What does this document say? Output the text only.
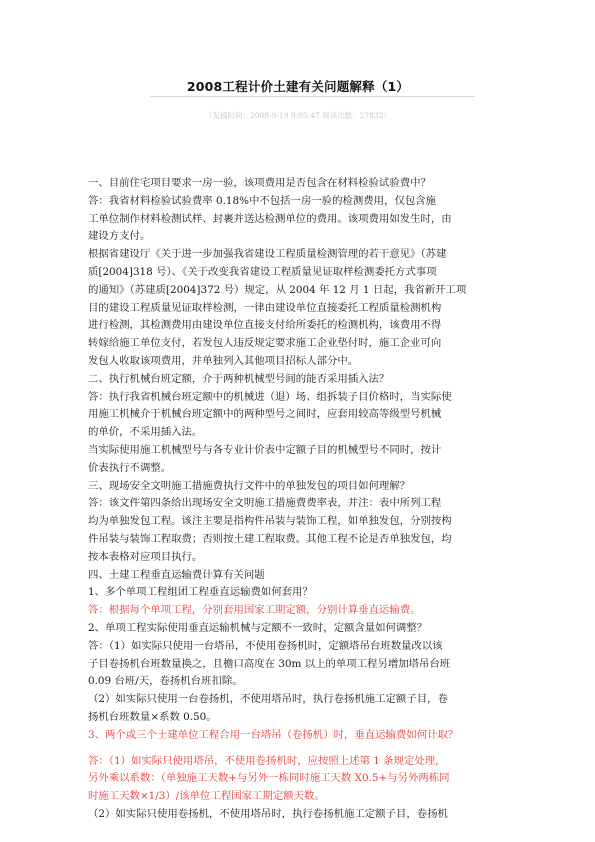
2008工程计价土建有关问题解释（1）
（发稿时间：2008-9-19 9:05:47 阅读次数：27832）

一、目前住宅项目要求一房一验，该项费用是否包含在材料检验试验费中？

答：我省材料检验试验费率 0.18%中不包括一房一验的检测费用，仅包含施

工单位制作材料检测试样、封裹并送达检测单位的费用。该项费用如发生时，由

建设方支付。

根据省建设厅《关于进一步加强我省建设工程质量检测管理的若干意见》（苏建

质[2004]318 号）、《关于改变我省建设工程质量见证取样检测委托方式事项

的通知》（苏建质[2004]372 号）规定，从 2004 年 12 月 1 日起，我省新开工项

目的建设工程质量见证取样检测，一律由建设单位直接委托工程质量检测机构

进行检测，其检测费用由建设单位直接支付给所委托的检测机构，该费用不得

转嫁给施工单位支付，若发包人违反规定要求施工企业垫付时，施工企业可向

发包人收取该项费用，并单独列入其他项目招标人部分中。

二、执行机械台班定额，介于两种机械型号间的能否采用插入法？

答：执行我省机械台班定额中的机械进（退）场、组拆装子目价格时，当实际使

用施工机械介于机械台班定额中的两种型号之间时，应套用较高等级型号机械

的单价，不采用插入法。

当实际使用施工机械型号与各专业计价表中定额子目的机械型号不同时，按计

价表执行不调整。

三、现场安全文明施工措施费执行文件中的单独发包的项目如何理解？

答：该文件第四条给出现场安全文明施工措施费费率表，并注：表中所列工程

均为单独发包工程。该注主要是指构件吊装与装饰工程，如单独发包，分别按构

件吊装与装饰工程取费；否则按土建工程取费。其他工程不论是否单独发包，均

按本表格对应项目执行。

四、土建工程垂直运输费计算有关问题

1、多个单项工程组团工程垂直运输费如何套用？

答：根据每个单项工程，分别套用国家工期定额，分别计算垂直运输费。

2、单项工程实际使用垂直运输机械与定额不一致时，定额含量如何调整？

答：（1）如实际只使用一台塔吊，不使用卷扬机时，定额塔吊台班数量改以该

子目卷扬机台班数量换之，且檐口高度在 30m 以上的单项工程另增加塔吊台班

0.09 台班/天，卷扬机台班扣除。

（2）如实际只使用一台卷扬机，不使用塔吊时，执行卷扬机施工定额子目，卷

扬机台班数量×系数 0.50。

3、两个或三个土建单位工程合用一台塔吊（卷扬机）时，垂直运输费如何计取？

答：（1）如实际只使用塔吊，不使用卷扬机时，应按照上述第 1 条规定处理，

另外乘以系数：（单独施工天数+与另外一栋同时施工天数 X0.5+与另外两栋同

时施工天数×1/3）/该单位工程国家工期定额天数。

（2）如实际只使用卷扬机，不使用塔吊时，执行卷扬机施工定额子目，卷扬机
